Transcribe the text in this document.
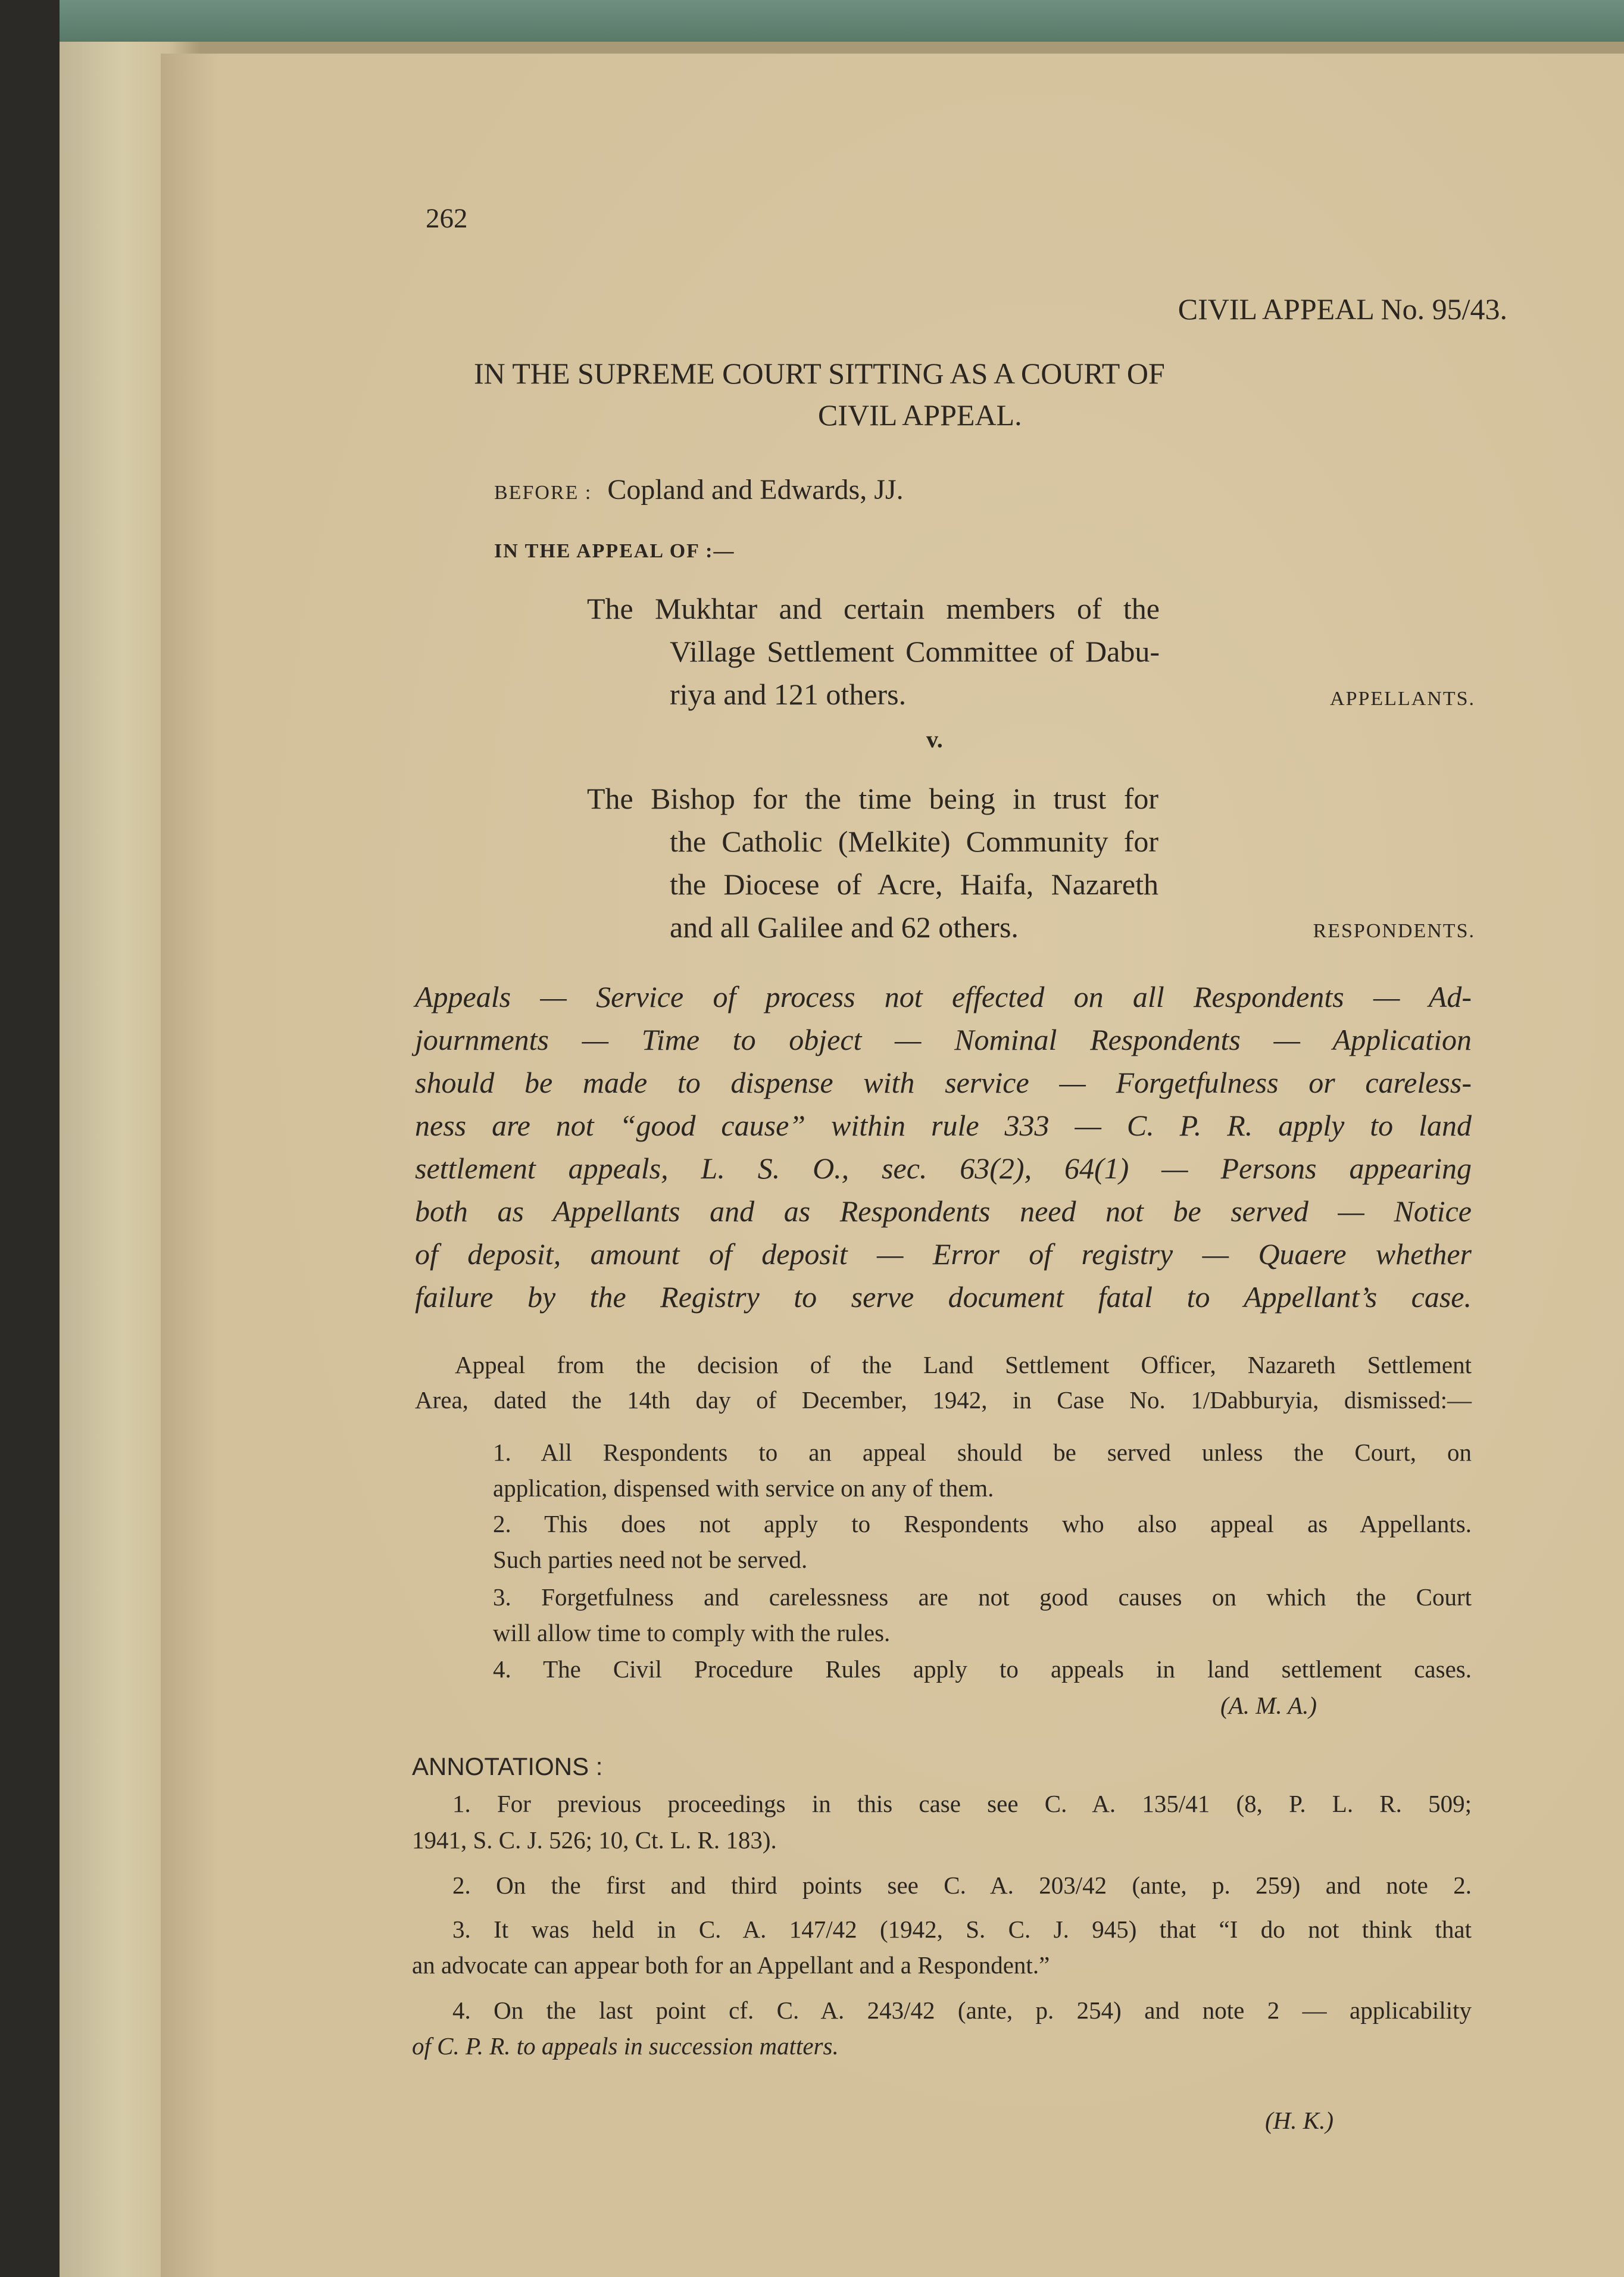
262
CIVIL APPEAL No. 95/43.
IN THE SUPREME COURT SITTING AS A COURT OF
CIVIL APPEAL.
BEFORE : Copland and Edwards, JJ.
IN THE APPEAL OF :—
The Mukhtar and certain members of the
Village Settlement Committee of Dabu-
riya and 121 others.	APPELLANTS.
v.
The Bishop for the time being in trust for
the Catholic (Melkite) Community for
the Diocese of Acre, Haifa, Nazareth
and all Galilee and 62 others.	RESPONDENTS.
Appeals — Service of process not effected on all Respondents — Ad-
journments — Time to object — Nominal Respondents — Application
should be made to dispense with service — Forgetfulness or careless-
ness are not “good cause” within rule 333 — C. P. R. apply to land
settlement appeals, L. S. O., sec. 63(2), 64(1) — Persons appearing
both as Appellants and as Respondents need not be served — Notice
of deposit, amount of deposit — Error of registry — Quaere whether
failure by the Registry to serve document fatal to Appellant’s case.
Appeal from the decision of the Land Settlement Officer, Nazareth Settlement
Area, dated the 14th day of December, 1942, in Case No. 1/Dabburyia, dismissed:—
1. All Respondents to an appeal should be served unless the Court, on
application, dispensed with service on any of them.
2. This does not apply to Respondents who also appeal as Appellants.
Such parties need not be served.
3. Forgetfulness and carelessness are not good causes on which the Court
will allow time to comply with the rules.
4. The Civil Procedure Rules apply to appeals in land settlement cases.
(A. M. A.)
ANNOTATIONS :
1. For previous proceedings in this case see C. A. 135/41 (8, P. L. R. 509;
1941, S. C. J. 526; 10, Ct. L. R. 183).
2. On the first and third points see C. A. 203/42 (ante, p. 259) and note 2.
3. It was held in C. A. 147/42 (1942, S. C. J. 945) that “I do not think that
an advocate can appear both for an Appellant and a Respondent.”
4. On the last point cf. C. A. 243/42 (ante, p. 254) and note 2 — applicability
of C. P. R. to appeals in succession matters.
(H. K.)
